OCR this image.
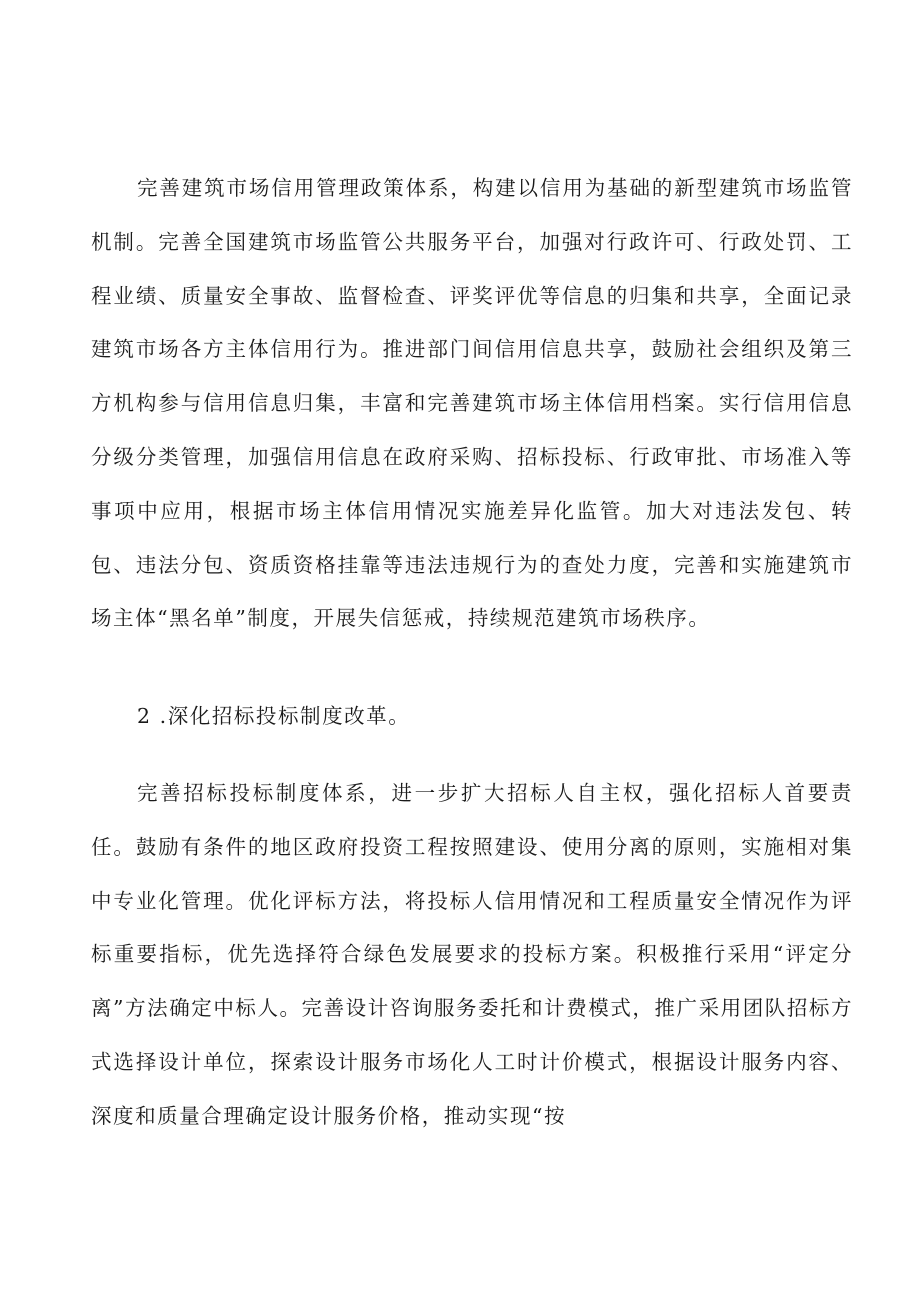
完善建筑市场信用管理政策体系，构建以信用为基础的新型建筑市场监管机制。完善全国建筑市场监管公共服务平台，加强对行政许可、行政处罚、工程业绩、质量安全事故、监督检查、评奖评优等信息的归集和共享，全面记录建筑市场各方主体信用行为。推进部门间信用信息共享，鼓励社会组织及第三方机构参与信用信息归集，丰富和完善建筑市场主体信用档案。实行信用信息分级分类管理，加强信用信息在政府采购、招标投标、行政审批、市场准入等事项中应用，根据市场主体信用情况实施差异化监管。加大对违法发包、转包、违法分包、资质资格挂靠等违法违规行为的查处力度，完善和实施建筑市场主体“黑名单”制度，开展失信惩戒，持续规范建筑市场秩序。

2 .深化招标投标制度改革。

完善招标投标制度体系，进一步扩大招标人自主权，强化招标人首要责任。鼓励有条件的地区政府投资工程按照建设、使用分离的原则，实施相对集中专业化管理。优化评标方法，将投标人信用情况和工程质量安全情况作为评标重要指标，优先选择符合绿色发展要求的投标方案。积极推行采用“评定分离”方法确定中标人。完善设计咨询服务委托和计费模式，推广采用团队招标方式选择设计单位，探索设计服务市场化人工时计价模式，根据设计服务内容、深度和质量合理确定设计服务价格，推动实现“按
